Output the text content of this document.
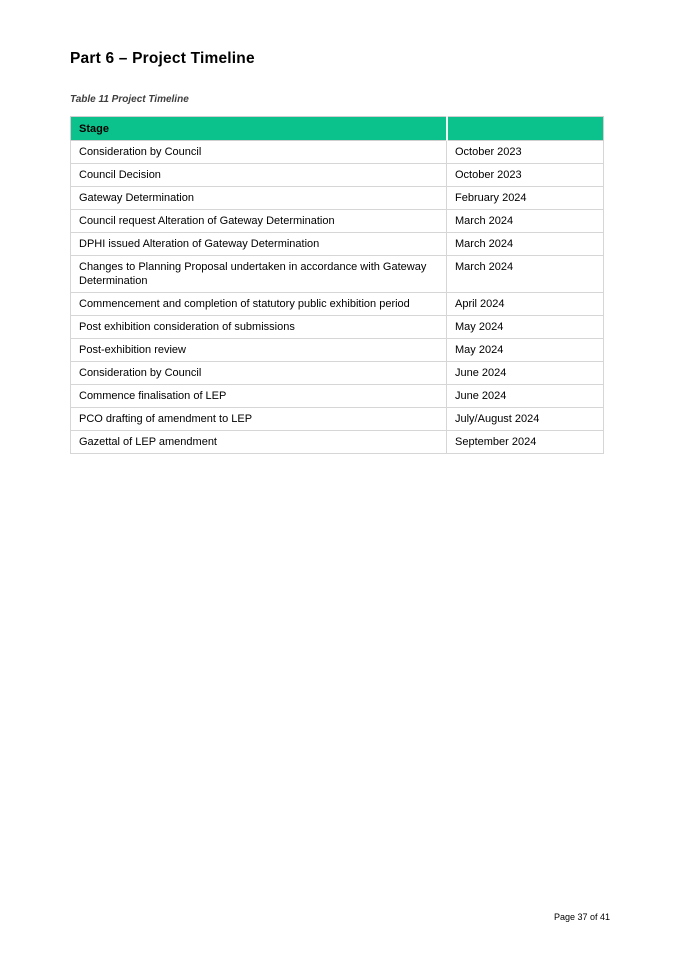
Part 6 – Project Timeline
Table 11 Project Timeline
Stage	
Consideration by Council	October 2023
Council Decision	October 2023
Gateway Determination	February 2024
Council request Alteration of Gateway Determination	March 2024
DPHI issued Alteration of Gateway Determination	March 2024
Changes to Planning Proposal undertaken in accordance with Gateway Determination	March 2024
Commencement and completion of statutory public exhibition period	April 2024
Post exhibition consideration of submissions	May 2024
Post-exhibition review	May 2024
Consideration by Council	June 2024
Commence finalisation of LEP	June 2024
PCO drafting of amendment to LEP	July/August 2024
Gazettal of LEP amendment	September 2024
Page 37 of 41
